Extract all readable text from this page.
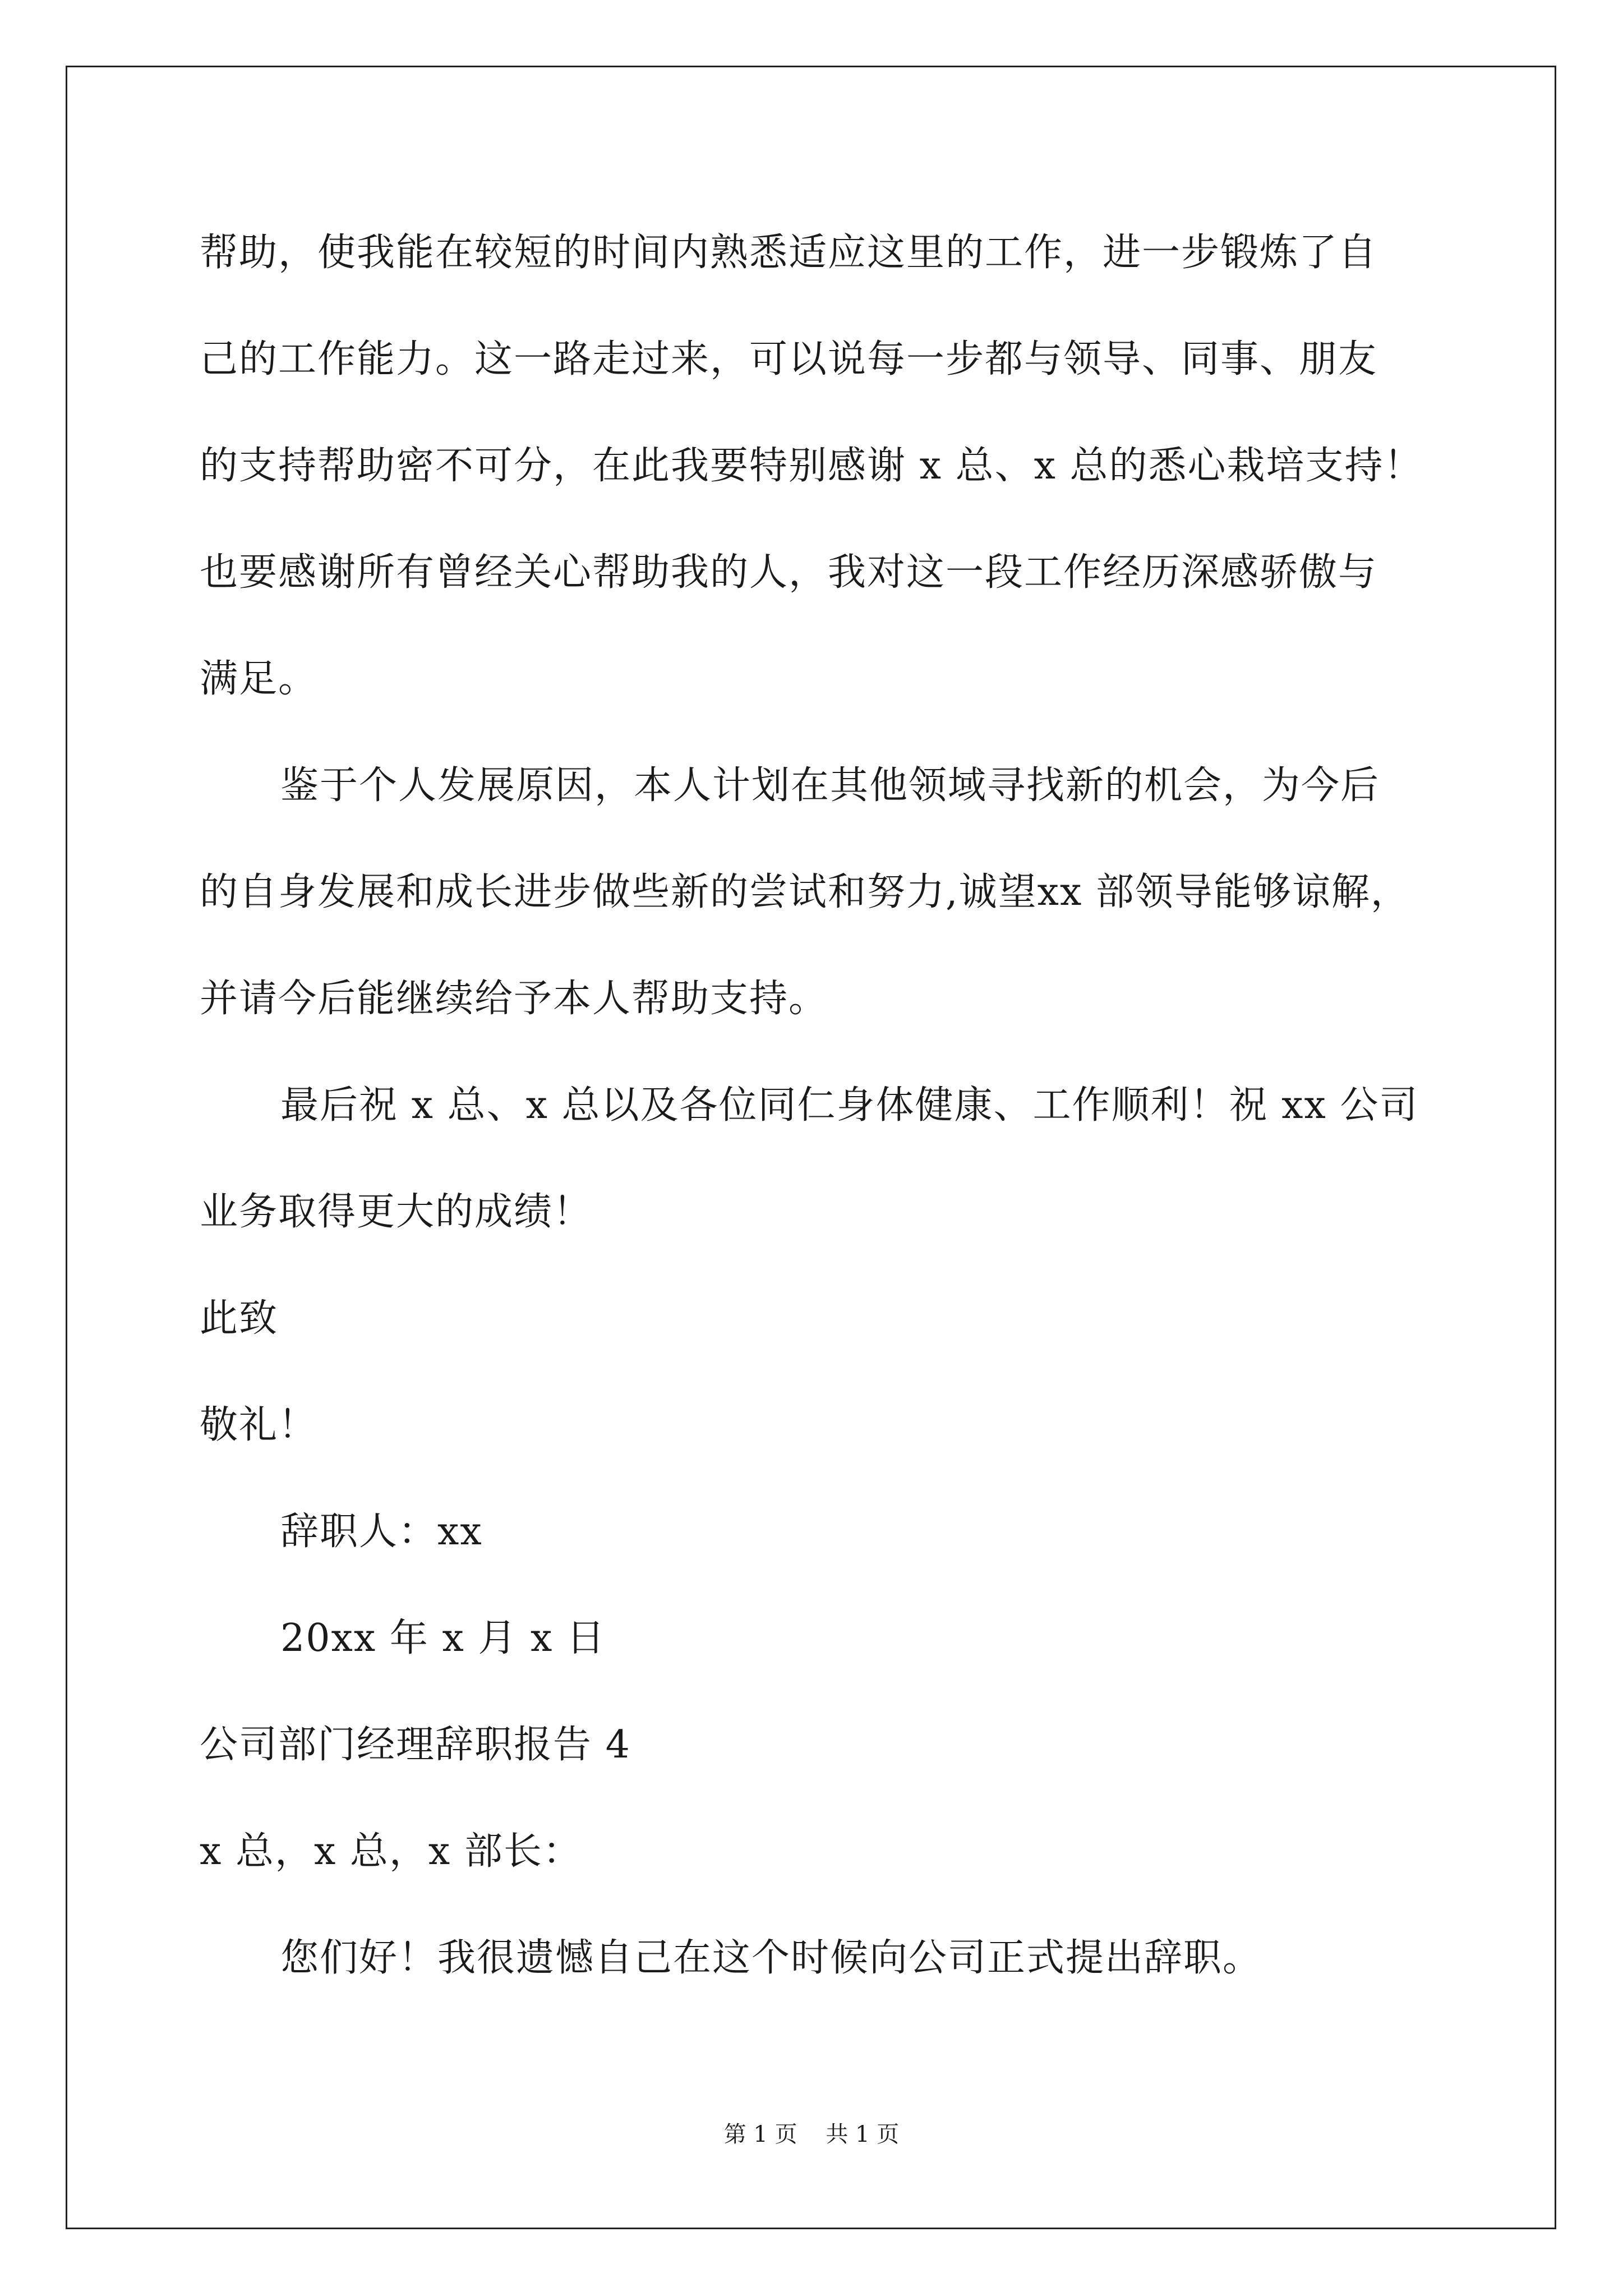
帮助，使我能在较短的时间内熟悉适应这里的工作，进一步锻炼了自
己的工作能力。这一路走过来，可以说每一步都与领导、同事、朋友
的支持帮助密不可分，在此我要特别感谢 x 总、x 总的悉心栽培支持！
也要感谢所有曾经关心帮助我的人，我对这一段工作经历深感骄傲与
满足。
鉴于个人发展原因，本人计划在其他领域寻找新的机会，为今后
的自身发展和成长进步做些新的尝试和努力,诚望xx 部领导能够谅解，
并请今后能继续给予本人帮助支持。
最后祝 x 总、x 总以及各位同仁身体健康、工作顺利！祝 xx 公司
业务取得更大的成绩！
此致
敬礼！
辞职人：xx
20xx 年 x 月 x 日
公司部门经理辞职报告 4
x 总，x 总，x 部长：
您们好！我很遗憾自己在这个时候向公司正式提出辞职。
第 1 页    共 1 页
